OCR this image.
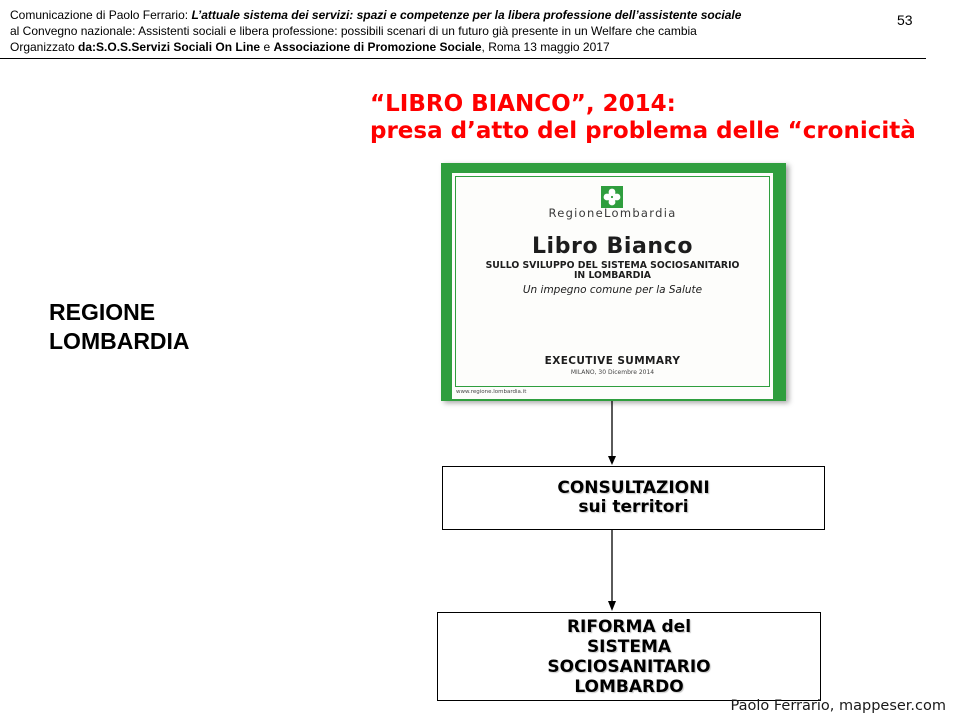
Comunicazione di Paolo Ferrario: L’attuale sistema dei servizi: spazi e competenze per la libera professione dell’assistente sociale
al Convegno nazionale: Assistenti sociali e libera professione: possibili scenari di un futuro già presente in un Welfare che cambia
Organizzato da:S.O.S.Servizi Sociali On Line e Associazione di Promozione Sociale, Roma 13 maggio 2017
53
“LIBRO BIANCO”, 2014:
presa d’atto del problema delle “cronicità
REGIONE
LOMBARDIA
RegioneLombardia
Libro Bianco
SULLO SVILUPPO DEL SISTEMA SOCIOSANITARIO
IN LOMBARDIA
Un impegno comune per la Salute
EXECUTIVE SUMMARY
MILANO, 30 Dicembre 2014
www.regione.lombardia.it
CONSULTAZIONI
sui territori
RIFORMA del
SISTEMA
SOCIOSANITARIO
LOMBARDO
Paolo Ferrario, mappeser.com
